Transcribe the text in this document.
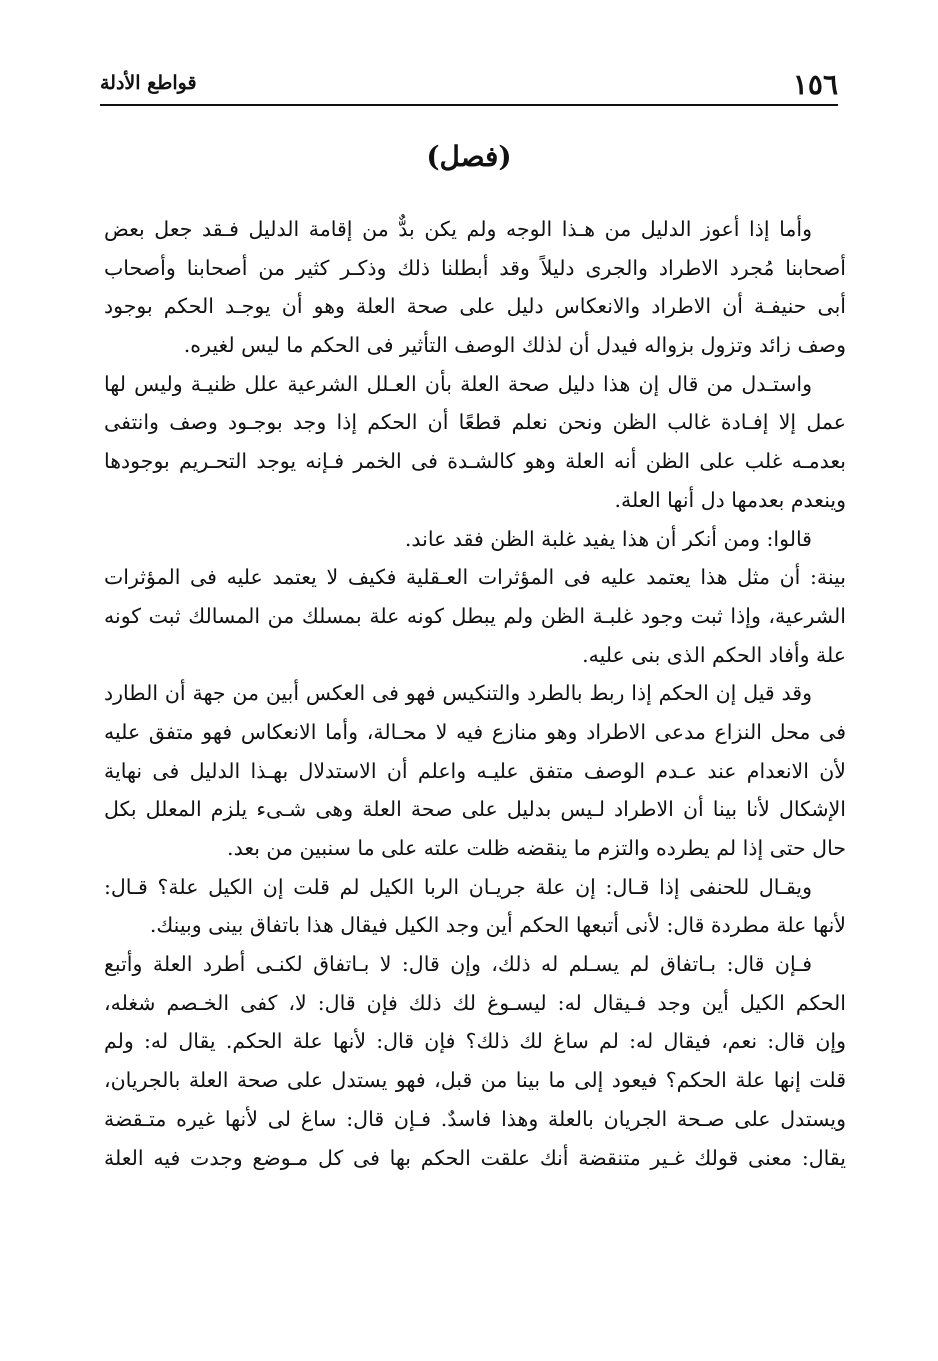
١٥٦
قواطع الأدلة
(فصل)
وأما إذا أعوز الدليل من هـذا الوجه ولم يكن بدٌّ من إقامة الدليل فـقد جعل بعض
أصحابنا مُجرد الاطراد والجرى دليلاً وقد أبطلنا ذلك وذكـر كثير من أصحابنا وأصحاب
أبى حنيفـة أن الاطراد والانعكاس دليل على صحة العلة وهو أن يوجـد الحكم بوجود
وصف زائد وتزول بزواله فيدل أن لذلك الوصف التأثير فى الحكم ما ليس لغيره.
واستـدل من قال إن هذا دليل صحة العلة بأن العـلل الشرعية علل ظنيـة وليس لها
عمل إلا إفـادة غالب الظن ونحن نعلم قطعًا أن الحكم إذا وجد بوجـود وصف وانتفى
بعدمـه غلب على الظن أنه العلة وهو كالشـدة فى الخمر فـإنه يوجد التحـريم بوجودها
وينعدم بعدمها دل أنها العلة.
قالوا: ومن أنكر أن هذا يفيد غلبة الظن فقد عاند.
بينة: أن مثل هذا يعتمد عليه فى المؤثرات العـقلية فكيف لا يعتمد عليه فى المؤثرات
الشرعية، وإذا ثبت وجود غلبـة الظن ولم يبطل كونه علة بمسلك من المسالك ثبت كونه
علة وأفاد الحكم الذى بنى عليه.
وقد قيل إن الحكم إذا ربط بالطرد والتنكيس فهو فى العكس أبين من جهة أن الطارد
فى محل النزاع مدعى الاطراد وهو منازع فيه لا محـالة، وأما الانعكاس فهو متفق عليه
لأن الانعدام عند عـدم الوصف متفق عليـه واعلم أن الاستدلال بهـذا الدليل فى نهاية
الإشكال لأنا بينا أن الاطراد لـيس بدليل على صحة العلة وهى شـىء يلزم المعلل بكل
حال حتى إذا لم يطرده والتزم ما ينقضه ظلت علته على ما سنبين من بعد.
ويقـال للحنفى إذا قـال: إن علة جريـان الربا الكيل لم قلت إن الكيل علة؟ قـال:
لأنها علة مطردة قال: لأنى أتبعها الحكم أين وجد الكيل فيقال هذا باتفاق بينى وبينك.
فـإن قال: بـاتفاق لم يسـلم له ذلك، وإن قال: لا بـاتفاق لكنـى أطرد العلة وأتبع
الحكم الكيل أين وجد فـيقال له: ليسـوغ لك ذلك فإن قال: لا، كفى الخـصم شغله،
وإن قال: نعم، فيقال له: لم ساغ لك ذلك؟ فإن قال: لأنها علة الحكم. يقال له: ولم
قلت إنها علة الحكم؟ فيعود إلى ما بينا من قبل، فهو يستدل على صحة العلة بالجريان،
ويستدل على صـحة الجريان بالعلة وهذا فاسدٌ. فـإن قال: ساغ لى لأنها غيره متـقضة
يقال: معنى قولك غـير متنقضة أنك علقت الحكم بها فى كل مـوضع وجدت فيه العلة
